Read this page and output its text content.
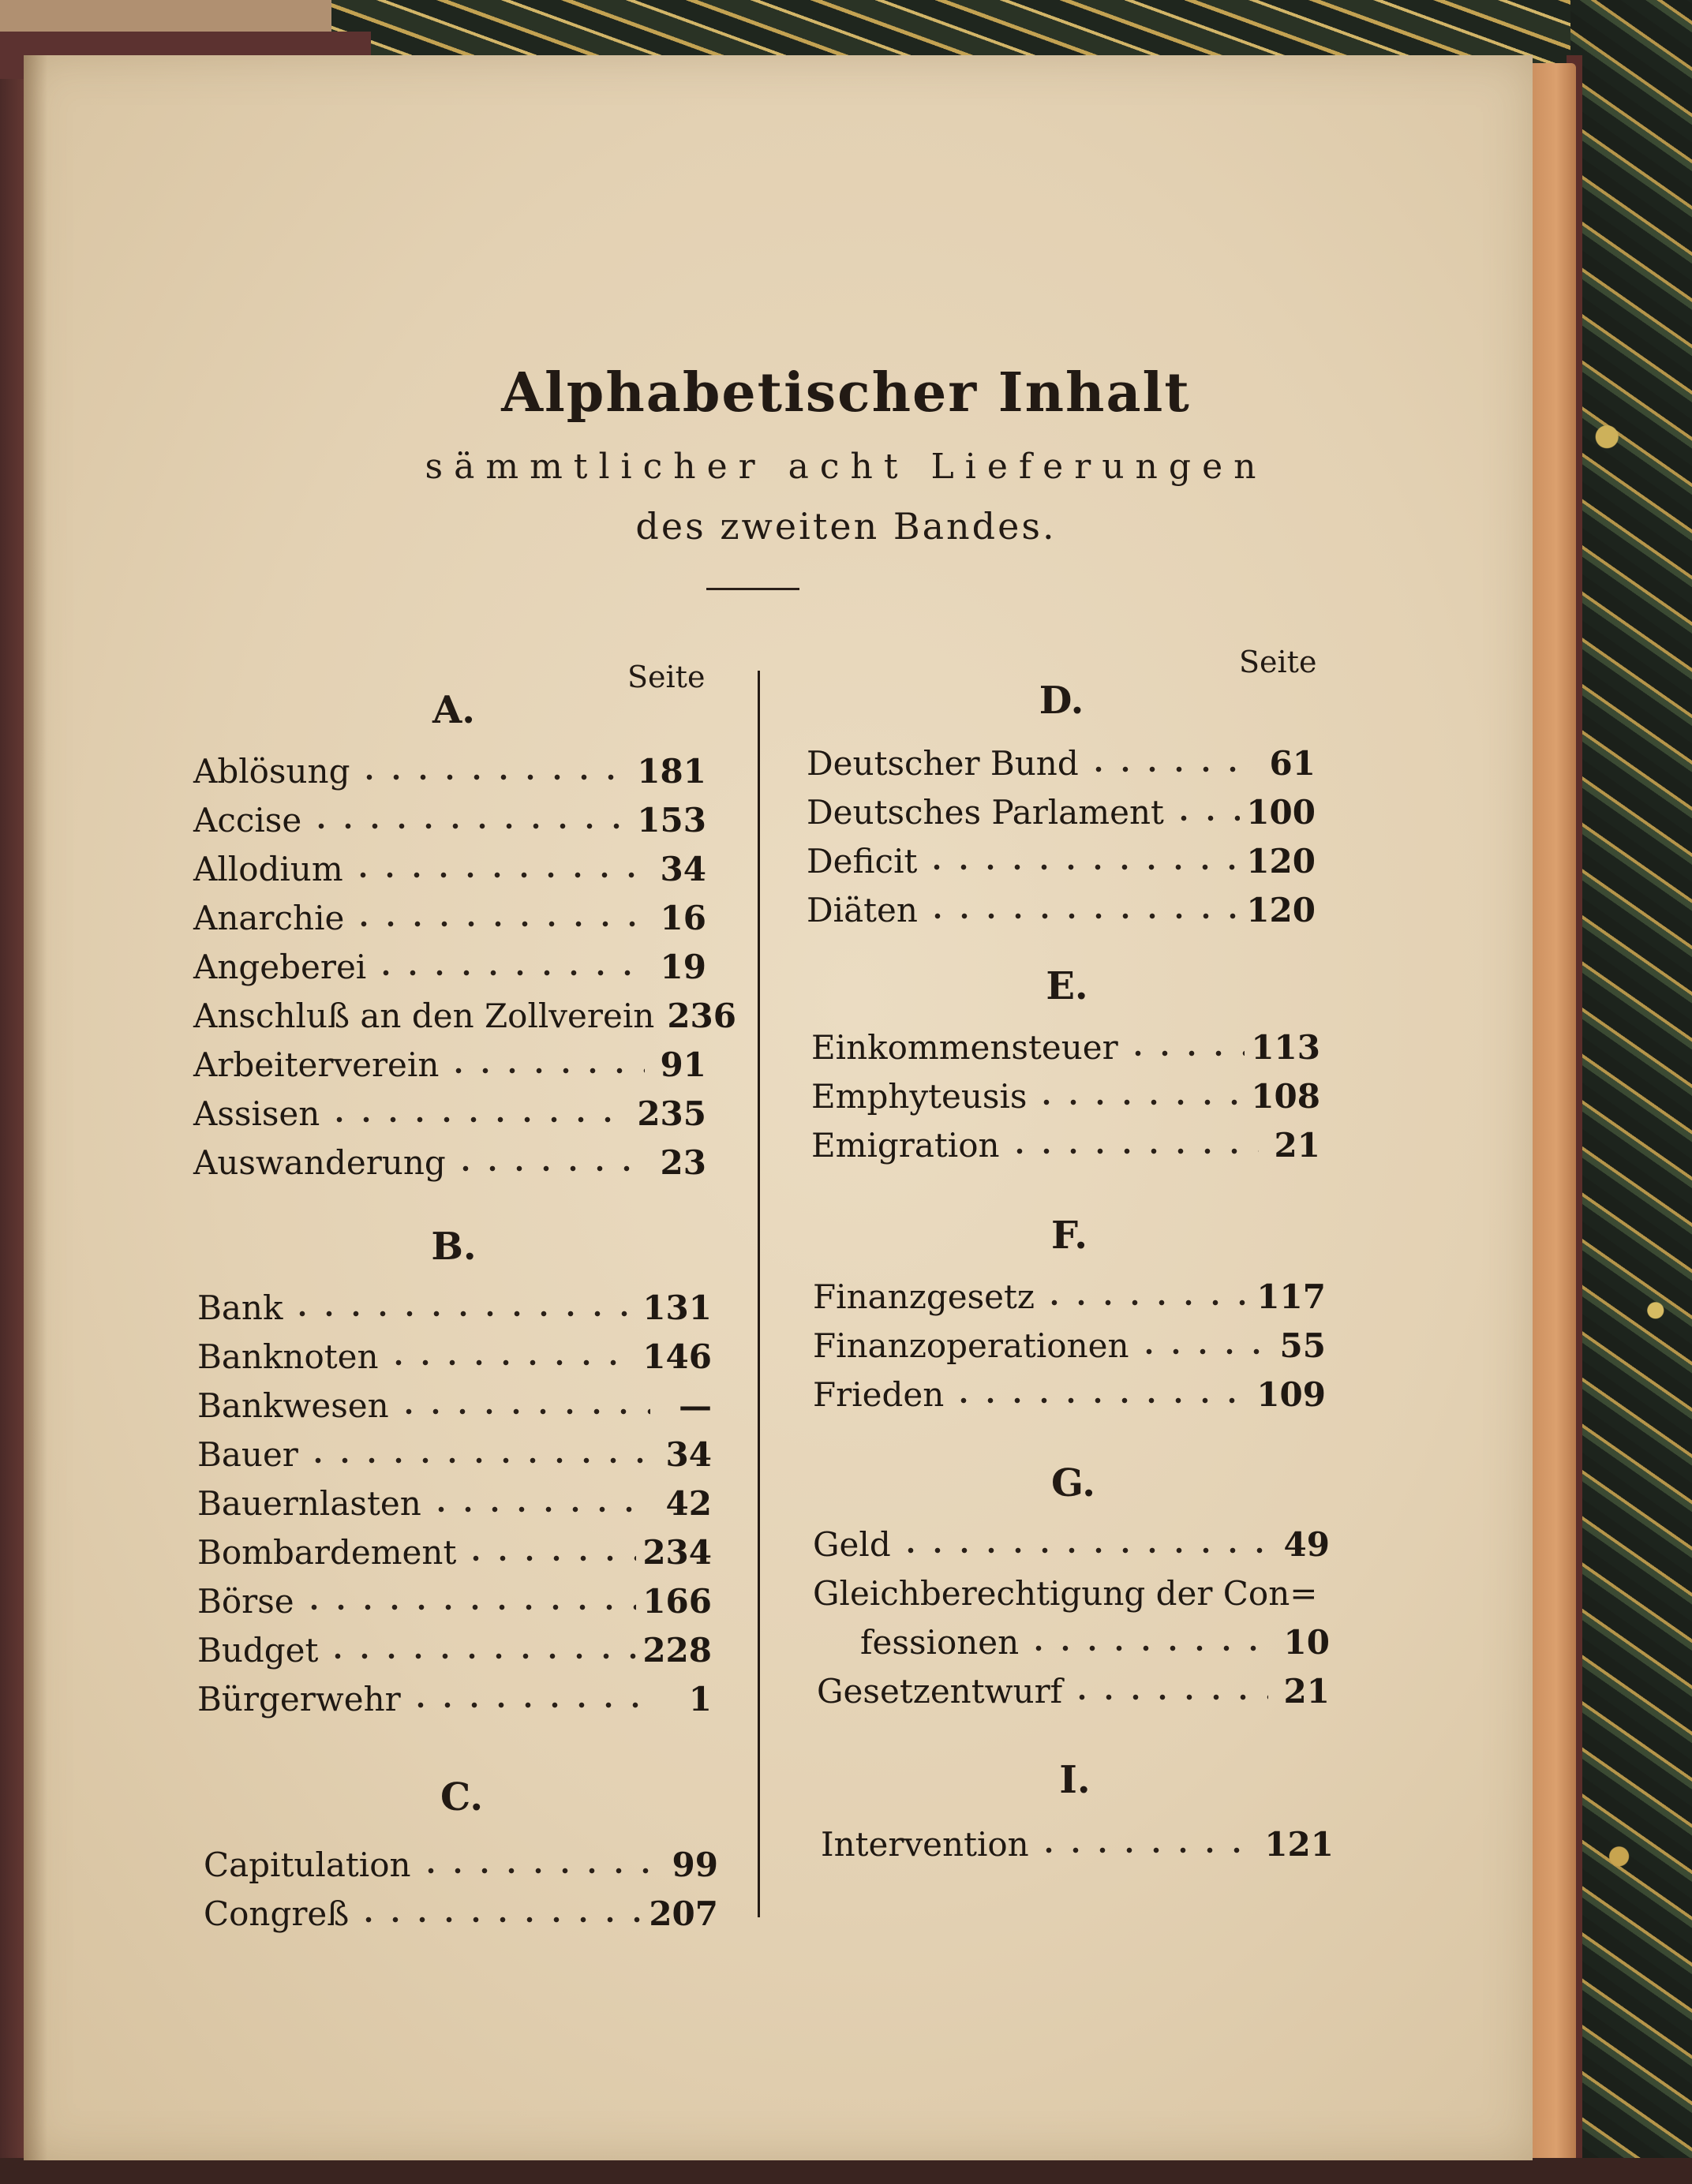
Alphabetischer Inhalt
sämmtlicher acht Lieferungen
des zweiten Bandes.
Seite	Seite
A.
Ablösung	181
Accise	153
Allodium	34
Anarchie	16
Angeberei	19
Anschluß an den Zollverein 236
Arbeiterverein	91
Assisen	235
Auswanderung	23
B.
Bank	131
Banknoten	146
Bankwesen	—
Bauer	34
Bauernlasten	42
Bombardement	234
Börse	166
Budget	228
Bürgerwehr	1
C.
Capitulation	99
Congreß	207
D.
Deutscher Bund	61
Deutsches Parlament 100
Deficit	120
Diäten	120
E.
Einkommensteuer	113
Emphyteusis	108
Emigration	21
F.
Finanzgesetz	117
Finanzoperationen	55
Frieden	109
G.
Geld	49
Gleichberechtigung der Con=
fessionen	10
Gesetzentwurf	21
I.
Intervention	121
